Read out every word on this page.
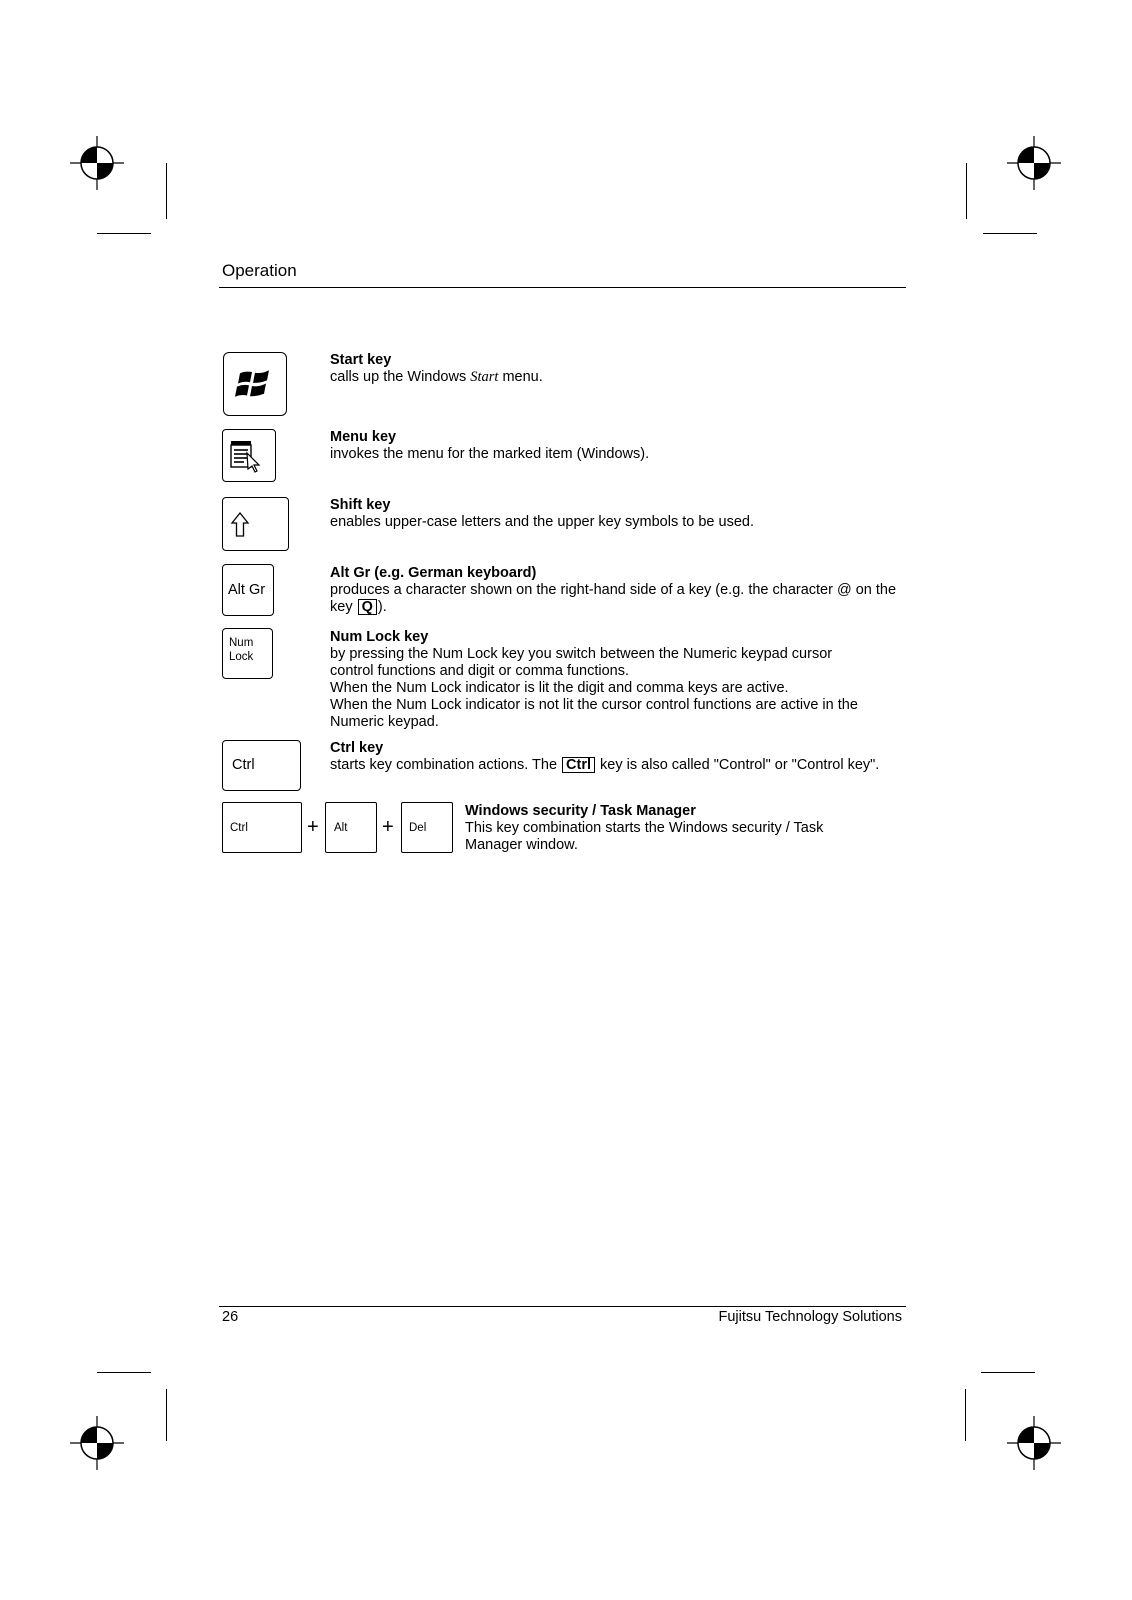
Operation
Start key
calls up the Windows Start menu.
Menu key
invokes the menu for the marked item (Windows).
Shift key
enables upper-case letters and the upper key symbols to be used.
Alt Gr
Alt Gr (e.g. German keyboard)
produces a character shown on the right-hand side of a key (e.g. the character @ on the key Q ).
Num
Lock
Num Lock key
by pressing the Num Lock key you switch between the Numeric keypad cursor control functions and digit or comma functions.
When the Num Lock indicator is lit the digit and comma keys are active.
When the Num Lock indicator is not lit the cursor control functions are active in the Numeric keypad.
Ctrl
Ctrl key
starts key combination actions. The Ctrl key is also called "Control" or "Control key".
Ctrl	+ Alt + Del
Windows security / Task Manager
This key combination starts the Windows security / Task Manager window.
26	Fujitsu Technology Solutions
